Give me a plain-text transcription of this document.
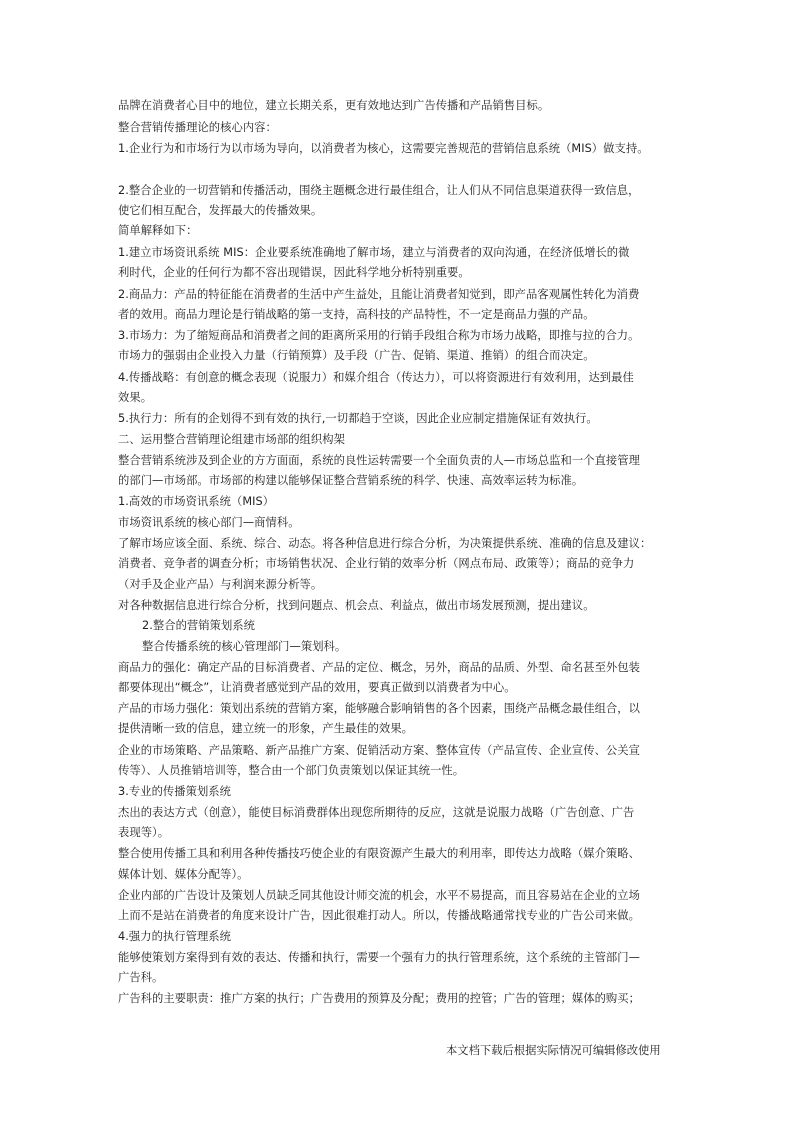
品牌在消费者心目中的地位，建立长期关系，更有效地达到广告传播和产品销售目标。
整合营销传播理论的核心内容：
1.企业行为和市场行为以市场为导向，以消费者为核心，这需要完善规范的营销信息系统（MIS）做支持。
2.整合企业的一切营销和传播活动，围绕主题概念进行最佳组合，让人们从不同信息渠道获得一致信息，
使它们相互配合，发挥最大的传播效果。
简单解释如下：
1.建立市场资讯系统 MIS：企业要系统准确地了解市场，建立与消费者的双向沟通，在经济低增长的微
利时代，企业的任何行为都不容出现错误，因此科学地分析特别重要。
2.商品力：产品的特征能在消费者的生活中产生益处，且能让消费者知觉到，即产品客观属性转化为消费
者的效用。商品力理论是行销战略的第一支持，高科技的产品特性，不一定是商品力强的产品。
3.市场力：为了缩短商品和消费者之间的距离所采用的行销手段组合称为市场力战略，即推与拉的合力。
市场力的强弱由企业投入力量（行销预算）及手段（广告、促销、渠道、推销）的组合而决定。
4.传播战略：有创意的概念表现（说服力）和媒介组合（传达力），可以将资源进行有效利用，达到最佳
效果。
5.执行力：所有的企划得不到有效的执行,一切都趋于空谈，因此企业应制定措施保证有效执行。
二、运用整合营销理论组建市场部的组织构架
整合营销系统涉及到企业的方方面面，系统的良性运转需要一个全面负责的人—市场总监和一个直接管理
的部门—市场部。市场部的构建以能够保证整合营销系统的科学、快速、高效率运转为标准。
1.高效的市场资讯系统（MIS）
市场资讯系统的核心部门—商情科。
了解市场应该全面、系统、综合、动态。将各种信息进行综合分析，为决策提供系统、准确的信息及建议：
消费者、竞争者的调查分析；市场销售状况、企业行销的效率分析（网点布局、政策等）；商品的竞争力
（对手及企业产品）与利润来源分析等。
对各种数据信息进行综合分析，找到问题点、机会点、利益点，做出市场发展预测，提出建议。
2.整合的营销策划系统
整合传播系统的核心管理部门—策划科。
商品力的强化：确定产品的目标消费者、产品的定位、概念，另外，商品的品质、外型、命名甚至外包装
都要体现出“概念”，让消费者感觉到产品的效用，要真正做到以消费者为中心。
产品的市场力强化：策划出系统的营销方案，能够融合影响销售的各个因素，围绕产品概念最佳组合，以
提供清晰一致的信息，建立统一的形象，产生最佳的效果。
企业的市场策略、产品策略、新产品推广方案、促销活动方案、整体宣传（产品宣传、企业宣传、公关宣
传等）、人员推销培训等，整合由一个部门负责策划以保证其统一性。
3.专业的传播策划系统
杰出的表达方式（创意），能使目标消费群体出现您所期待的反应，这就是说服力战略（广告创意、广告
表现等）。
整合使用传播工具和利用各种传播技巧使企业的有限资源产生最大的利用率，即传达力战略（媒介策略、
媒体计划、媒体分配等）。
企业内部的广告设计及策划人员缺乏同其他设计师交流的机会，水平不易提高，而且容易站在企业的立场
上而不是站在消费者的角度来设计广告，因此很难打动人。所以，传播战略通常找专业的广告公司来做。
4.强力的执行管理系统
能够使策划方案得到有效的表达、传播和执行，需要一个强有力的执行管理系统，这个系统的主管部门—
广告科。
广告科的主要职责：推广方案的执行；广告费用的预算及分配；费用的控管；广告的管理；媒体的购买；
本文档下载后根据实际情况可编辑修改使用
